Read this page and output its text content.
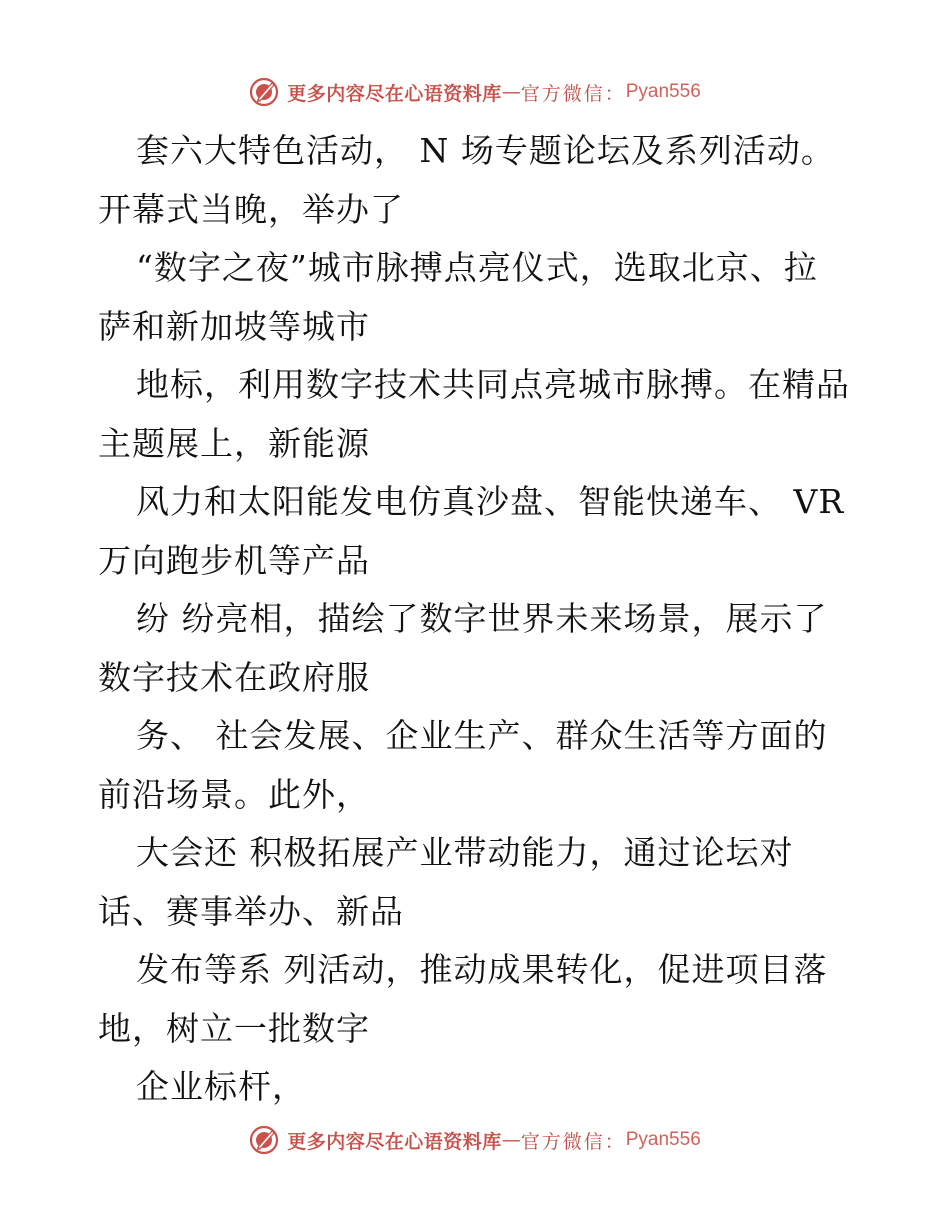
更多内容尽在心语资料库 — 官方微信： Pyan556
套六大特色活动， N 场专题论坛及系列活动。
开幕式当晚，举办了
“数字之夜”城市脉搏点亮仪式，选取北京、拉
萨和新加坡等城市
地标，利用数字技术共同点亮城市脉搏。在精品
主题展上，新能源
风力和太阳能发电仿真沙盘、智能快递车、 VR
万向跑步机等产品
纷 纷亮相，描绘了数字世界未来场景，展示了
数字技术在政府服
务、 社会发展、企业生产、群众生活等方面的
前沿场景。此外，
大会还 积极拓展产业带动能力，通过论坛对
话、赛事举办、新品
发布等系 列活动，推动成果转化，促进项目落
地，树立一批数字
企业标杆，
更多内容尽在心语资料库 — 官方微信： Pyan556
